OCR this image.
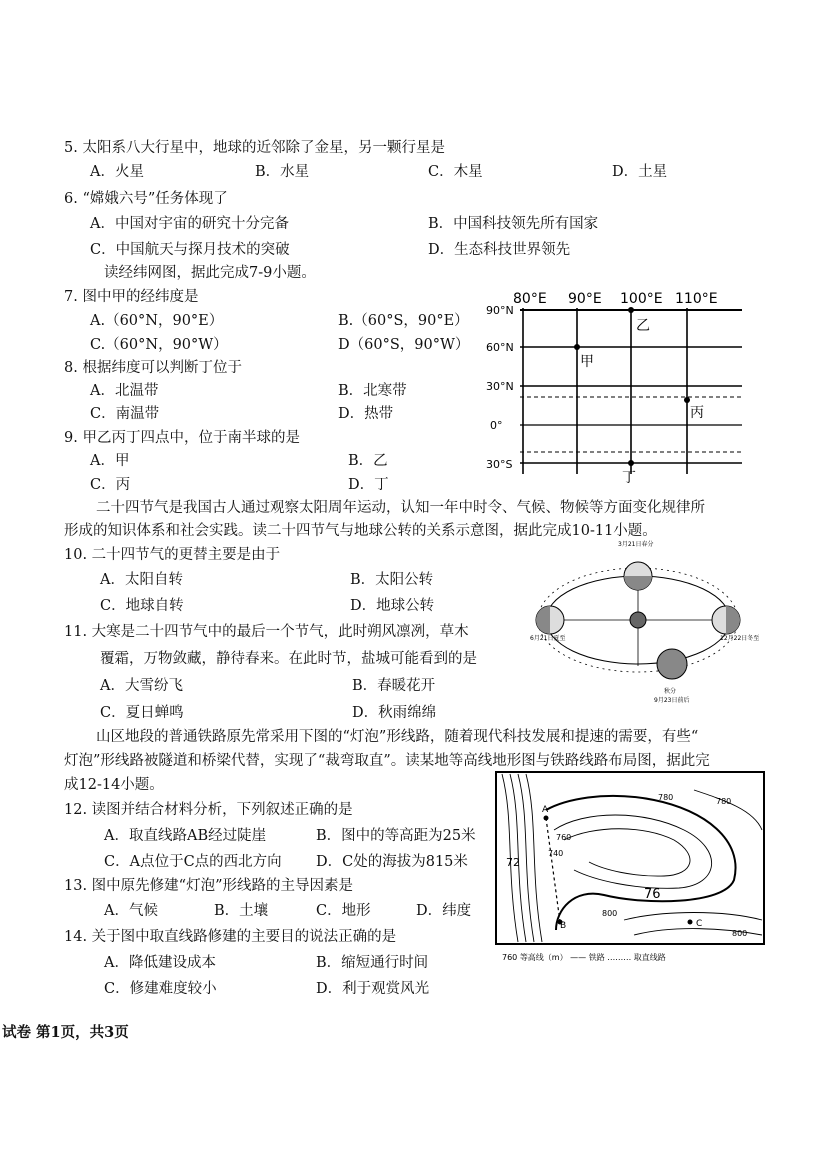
5. 太阳系八大行星中，地球的近邻除了金星，另一颗行星是
A．火星	B．水星	C．木星	D．土星
6. “嫦娥六号”任务体现了
A．中国对宇宙的研究十分完备	B．中国科技领先所有国家
C．中国航天与探月技术的突破	D．生态科技世界领先
读经纬网图，据此完成7-9小题。
7. 图中甲的经纬度是
A.（60°N，90°E）	B.（60°S，90°E）
C.（60°N，90°W）	D（60°S，90°W）
8. 根据纬度可以判断丁位于
A．北温带	B．北寒带
C．南温带	D．热带
9. 甲乙丙丁四点中，位于南半球的是
A．甲	B．乙
C．丙	D．丁
80°E 90°E 100°E 110°E
90°N
60°N
30°N
0°
30°S
甲
乙
丙
丁
二十四节气是我国古人通过观察太阳周年运动，认知一年中时令、气候、物候等方面变化规律所
形成的知识体系和社会实践。读二十四节气与地球公转的关系示意图，据此完成10-11小题。
10. 二十四节气的更替主要是由于
A．太阳自转	B．太阳公转
C．地球自转	D．地球公转
11. 大寒是二十四节气中的最后一个节气，此时朔风凛冽，草木
覆霜，万物敛藏，静待春来。在此时节，盐城可能看到的是
A．大雪纷飞	B．春暖花开
C．夏日蝉鸣	D．秋雨绵绵
3月21日春分
6月21日夏至	12月22日冬至
秋分
9月23日前后
山区地段的普通铁路原先常采用下图的“灯泡”形线路，随着现代科技发展和提速的需要，有些“
灯泡”形线路被隧道和桥梁代替，实现了“裁弯取直”。读某地等高线地形图与铁路线路布局图，据此完
成12-14小题。
12. 读图并结合材料分析，下列叙述正确的是
A．取直线路AB经过陡崖	B．图中的等高距为25米
C．A点位于C点的西北方向 D．C处的海拔为815米
13. 图中原先修建“灯泡”形线路的主导因素是
A．气候	B．土壤	C．地形	D．纬度
14. 关于图中取直线路修建的主要目的说法正确的是
A．降低建设成本	B．缩短通行时间
C．修建难度较小	D．利于观赏风光
A
B	C
780	780
760
740
76
800
800
72
760 等高线（m） —— 铁路 ……… 取直线路
试卷 第1页，共3页
